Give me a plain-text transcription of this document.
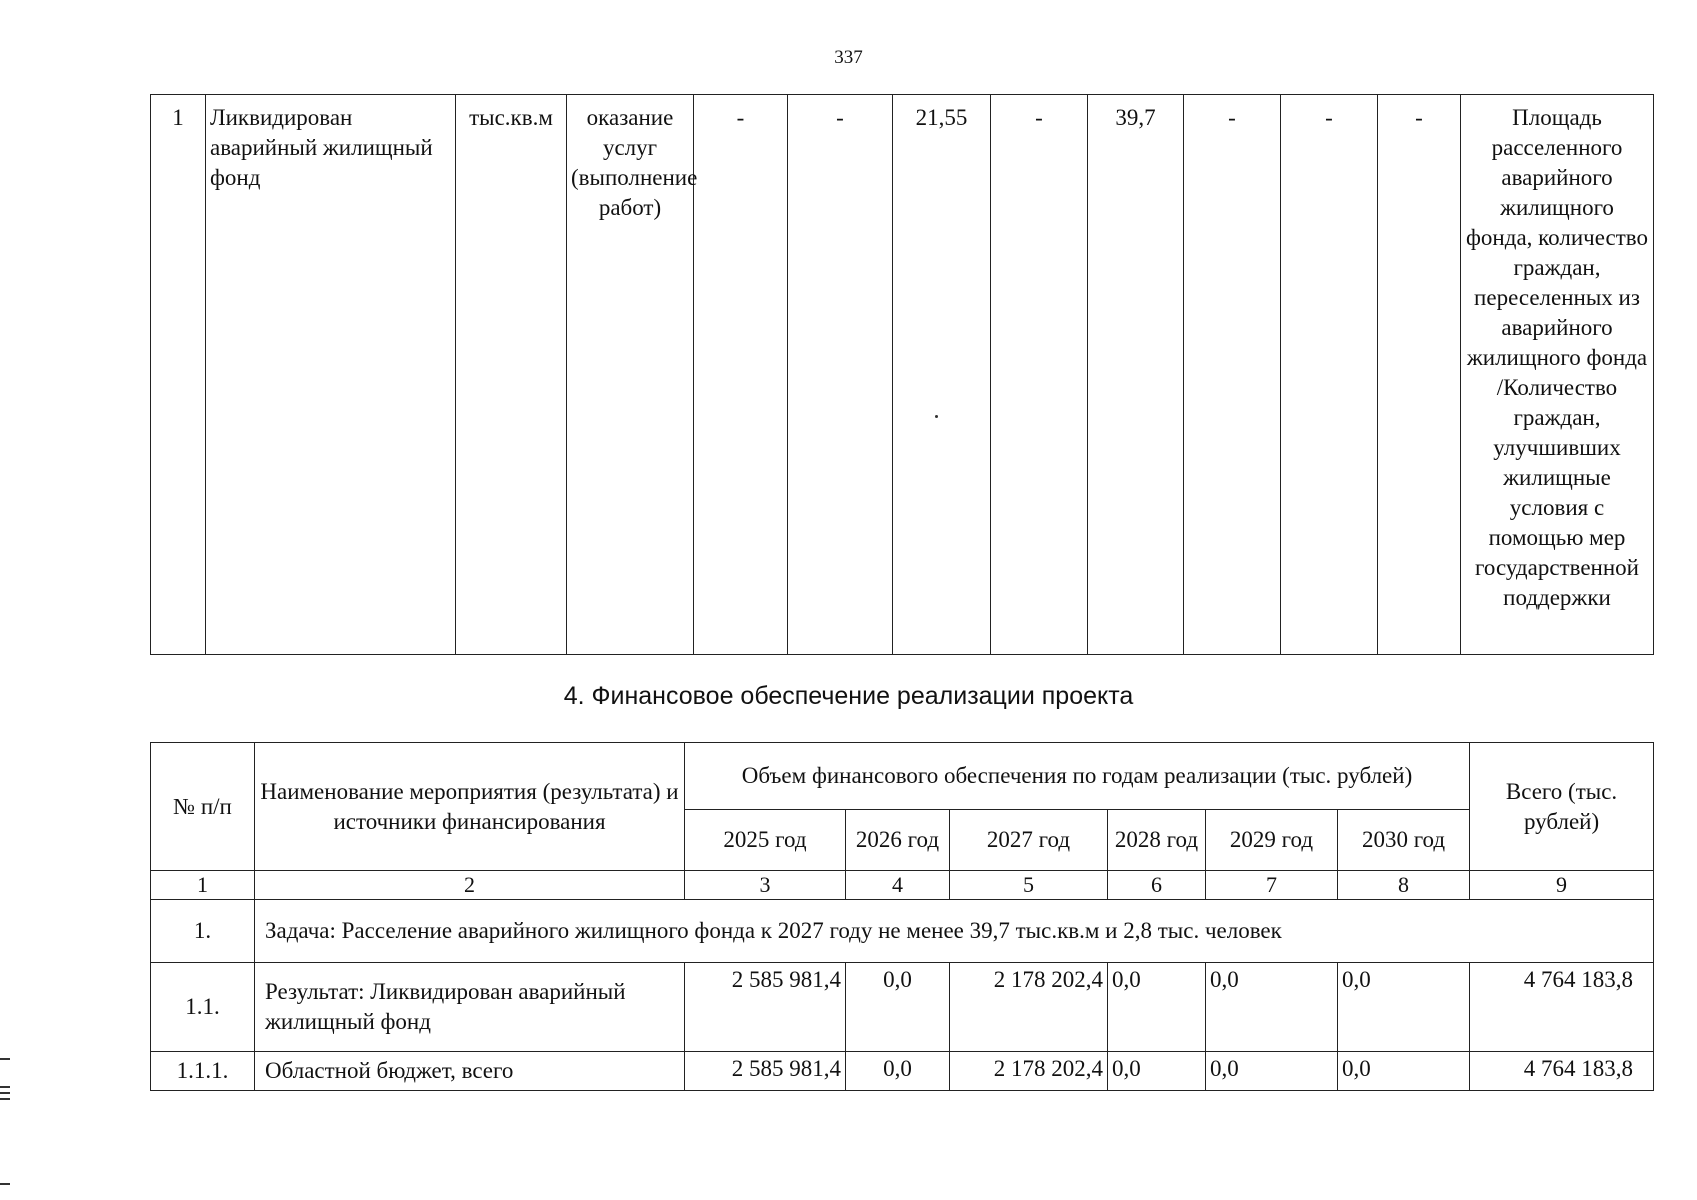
337
1	Ликвидирован аварийный жилищный фонд	тыс.кв.м	оказание услуг (выполнение работ)	-	-	21,55	-	39,7	-	-	-	Площадь расселенного аварийного жилищного фонда, количество граждан, переселенных из аварийного жилищного фонда /Количество граждан, улучшивших жилищные условия с помощью мер государственной поддержки
4. Финансовое обеспечение реализации проекта
№ п/п	Наименование мероприятия (результата) и источники финансирования	Объем финансового обеспечения по годам реализации (тыс. рублей)						Всего (тыс. рублей)
		2025 год	2026 год	2027 год	2028 год	2029 год	2030 год	
1	2	3	4	5	6	7	8	9
1.	Задача: Расселение аварийного жилищного фонда к 2027 году не менее 39,7 тыс.кв.м и 2,8 тыс. человек							
1.1.	Результат: Ликвидирован аварийный жилищный фонд	2 585 981,4	0,0	2 178 202,4	0,0	0,0	0,0	4 764 183,8
1.1.1.	Областной бюджет, всего	2 585 981,4	0,0	2 178 202,4	0,0	0,0	0,0	4 764 183,8
